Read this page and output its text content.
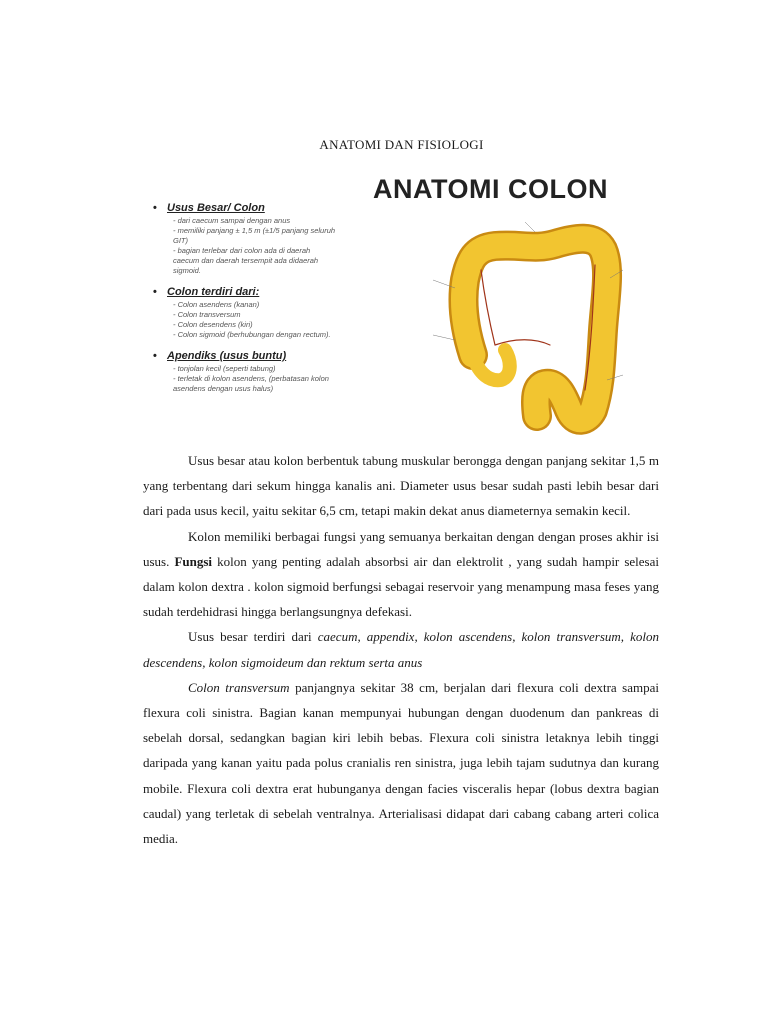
ANATOMI DAN FISIOLOGI
ANATOMI COLON
• Usus Besar/ Colon
- dari caecum sampai dengan anus
- memiliki panjang ± 1,5 m (±1/5 panjang seluruh
GIT)
- bagian terlebar dari colon ada di daerah
caecum dan daerah tersempit ada didaerah
sigmoid.
• Colon terdiri dari:
- Colon asendens (kanan)
- Colon transversum
- Colon desendens (kiri)
- Colon sigmoid (berhubungan dengan rectum).
• Apendiks (usus buntu)
- tonjolan kecil (seperti tabung)
- terletak di kolon asendens, (perbatasan kolon
asendens dengan usus halus)

Usus besar atau kolon berbentuk tabung muskular berongga dengan panjang sekitar 1,5 m yang terbentang dari sekum hingga kanalis ani. Diameter usus besar sudah pasti lebih besar dari dari pada usus kecil, yaitu sekitar 6,5 cm, tetapi makin dekat anus diameternya semakin kecil.

Kolon memiliki berbagai fungsi yang semuanya berkaitan dengan dengan proses akhir isi usus. Fungsi kolon yang penting adalah absorbsi air dan elektrolit , yang sudah hampir selesai dalam kolon dextra . kolon sigmoid berfungsi sebagai reservoir yang menampung masa feses yang sudah terdehidrasi hingga berlangsungnya defekasi.

Usus besar terdiri dari caecum, appendix, kolon ascendens, kolon transversum, kolon descendens, kolon sigmoideum dan rektum serta anus

Colon transversum panjangnya sekitar 38 cm, berjalan dari flexura coli dextra sampai flexura coli sinistra. Bagian kanan mempunyai hubungan dengan duodenum dan pankreas di sebelah dorsal, sedangkan bagian kiri lebih bebas. Flexura coli sinistra letaknya lebih tinggi daripada yang kanan yaitu pada polus cranialis ren sinistra, juga lebih tajam sudutnya dan kurang mobile. Flexura coli dextra erat hubunganya dengan facies visceralis hepar (lobus dextra bagian caudal) yang terletak di sebelah ventralnya. Arterialisasi didapat dari cabang cabang arteri colica media.
